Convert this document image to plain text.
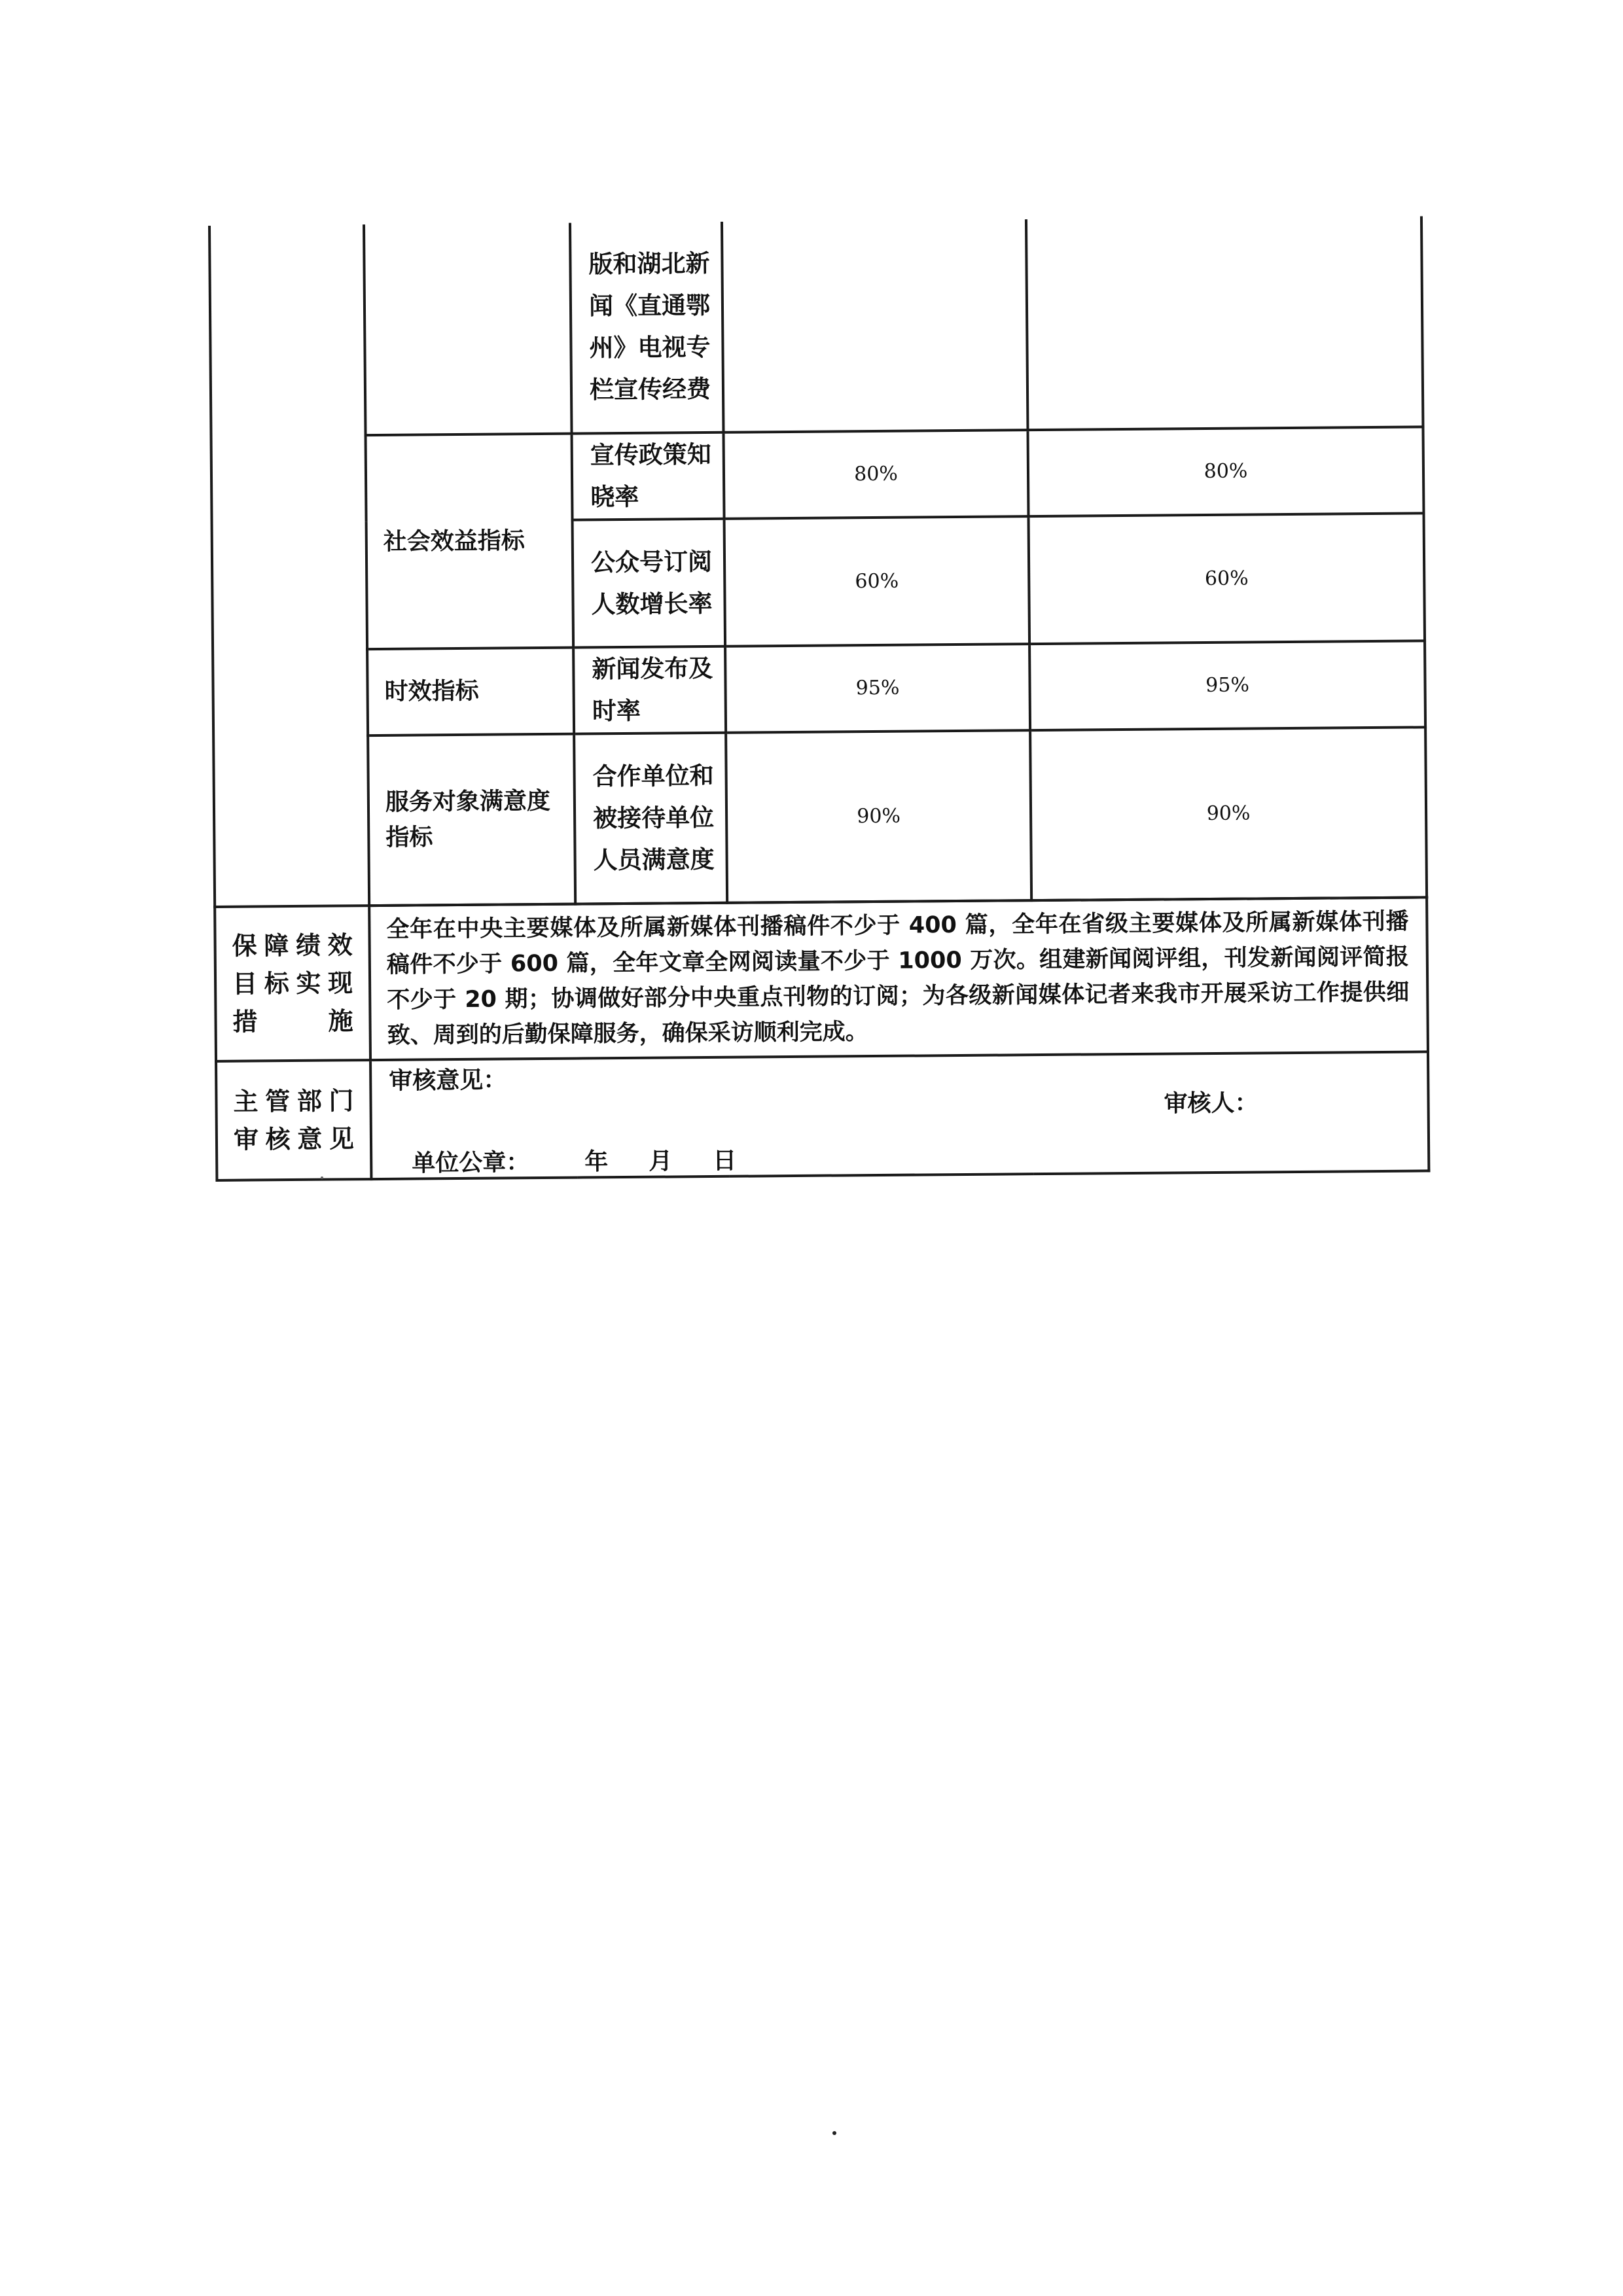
		版和湖北新闻《直通鄂州》电视专栏宣传经费		
	社会效益指标	宣传政策知晓率	80%	80%
		公众号订阅人数增长率	60%	60%
	时效指标	新闻发布及时率	95%	95%
	服务对象满意度指标	合作单位和被接待单位人员满意度	90%	90%

保障绩效目标实现措施	全年在中央主要媒体及所属新媒体刊播稿件不少于 400 篇，全年在省级主要媒体及所属新媒体刊播稿件不少于 600 篇，全年文章全网阅读量不少于 1000 万次。组建新闻阅评组，刊发新闻阅评简报不少于 20 期；协调做好部分中央重点刊物的订阅；为各级新闻媒体记者来我市开展采访工作提供细致、周到的后勤保障服务，确保采访顺利完成。			
主管部门审核意见	审核意见：
审核人：
单位公章： 年 月 日			
